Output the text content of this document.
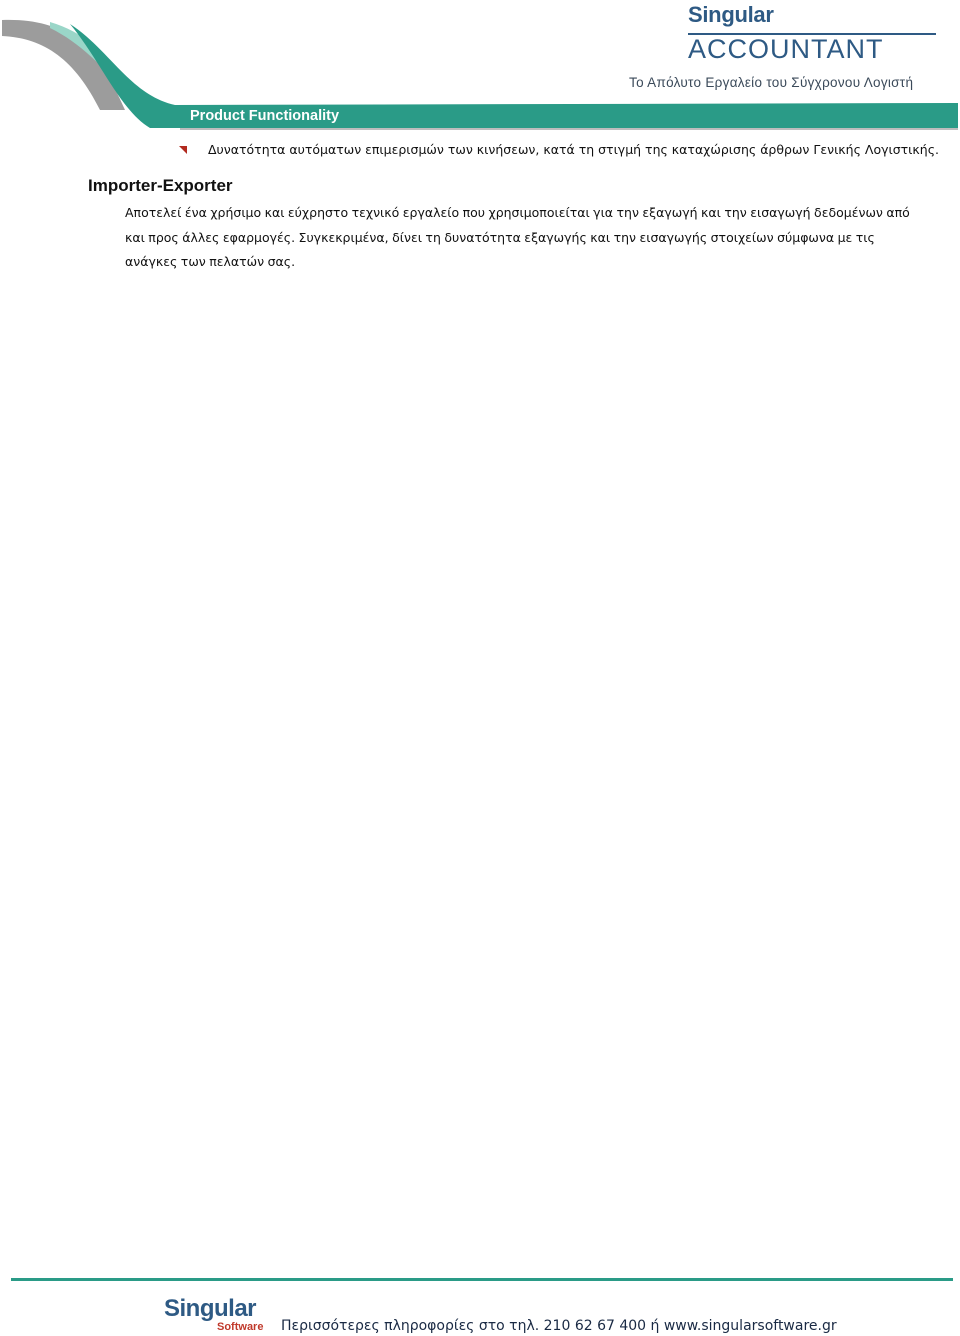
Singular
ACCOUNTANT
Το Απόλυτο Εργαλείο του Σύγχρονου Λογιστή
Product Functionality
Δυνατότητα αυτόματων επιμερισμών των κινήσεων, κατά τη στιγμή της καταχώρισης άρθρων Γενικής Λογιστικής.
Importer-Exporter
Αποτελεί ένα χρήσιμο και εύχρηστο τεχνικό εργαλείο που χρησιμοποιείται για την εξαγωγή και την εισαγωγή δεδομένων από και προς άλλες εφαρμογές. Συγκεκριμένα, δίνει τη δυνατότητα εξαγωγής και την εισαγωγής στοιχείων σύμφωνα με τις ανάγκες των πελατών σας.
Singular
Software Περισσότερες πληροφορίες στο τηλ. 210 62 67 400 ή www.singularsoftware.gr
